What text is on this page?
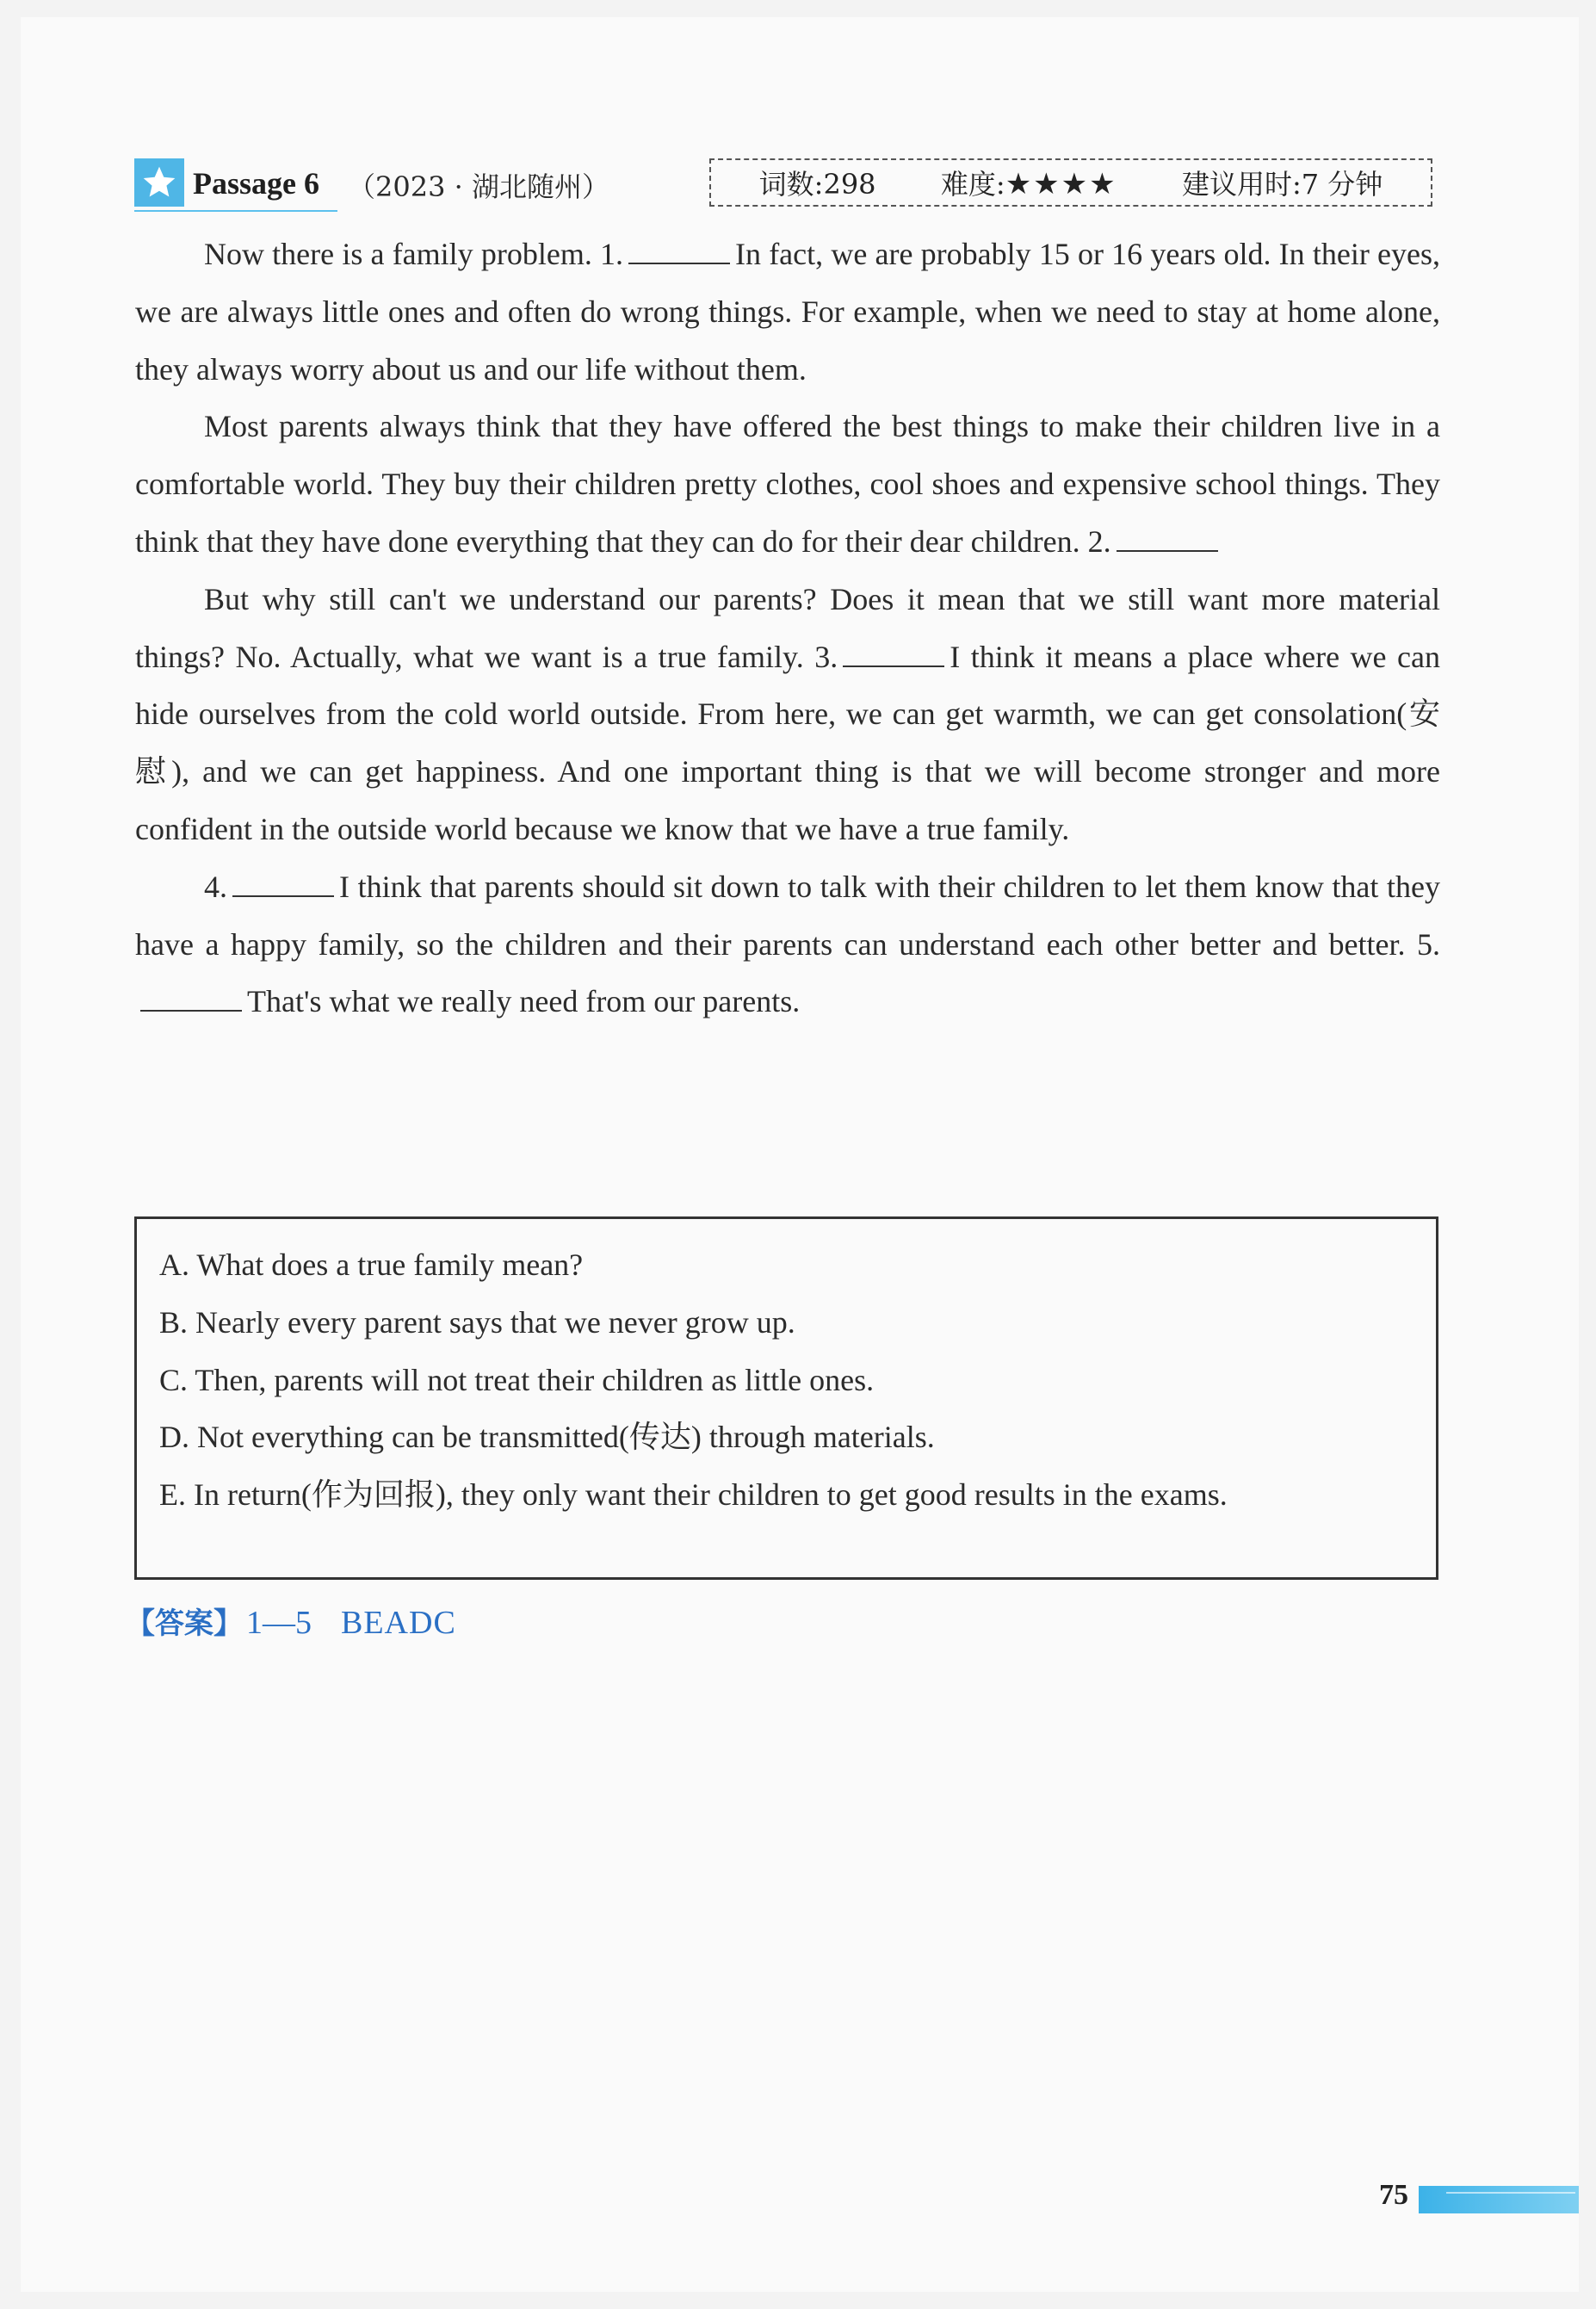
Passage 6 （2023 · 湖北随州）	词数:298 难度:★★★★ 建议用时:7 分钟

Now there is a family problem. 1.	In fact, we are probably 15 or 16 years old. In their eyes, we are always little ones and often do wrong things. For example, when we need to stay at home alone, they always worry about us and our life without them.

Most parents always think that they have offered the best things to make their children live in a comfortable world. They buy their children pretty clothes, cool shoes and expensive school things. They think that they have done everything that they can do for their dear children. 2.

But why still can't we understand our parents? Does it mean that we still want more material things? No. Actually, what we want is a true family. 3.	I think it means a place where we can hide ourselves from the cold world outside. From here, we can get warmth, we can get consolation(安慰), and we can get happiness. And one important thing is that we will become stronger and more confident in the outside world because we know that we have a true family.

4.	I think that parents should sit down to talk with their children to let them know that they have a happy family, so the children and their parents can understand each other better and better. 5.That's what we really need from our parents.

A. What does a true family mean?
B. Nearly every parent says that we never grow up.
C. Then, parents will not treat their children as little ones.
D. Not everything can be transmitted(传达) through materials.
E. In return(作为回报), they only want their children to get good results in the exams.
【答案】 1—5 BEADC
75
